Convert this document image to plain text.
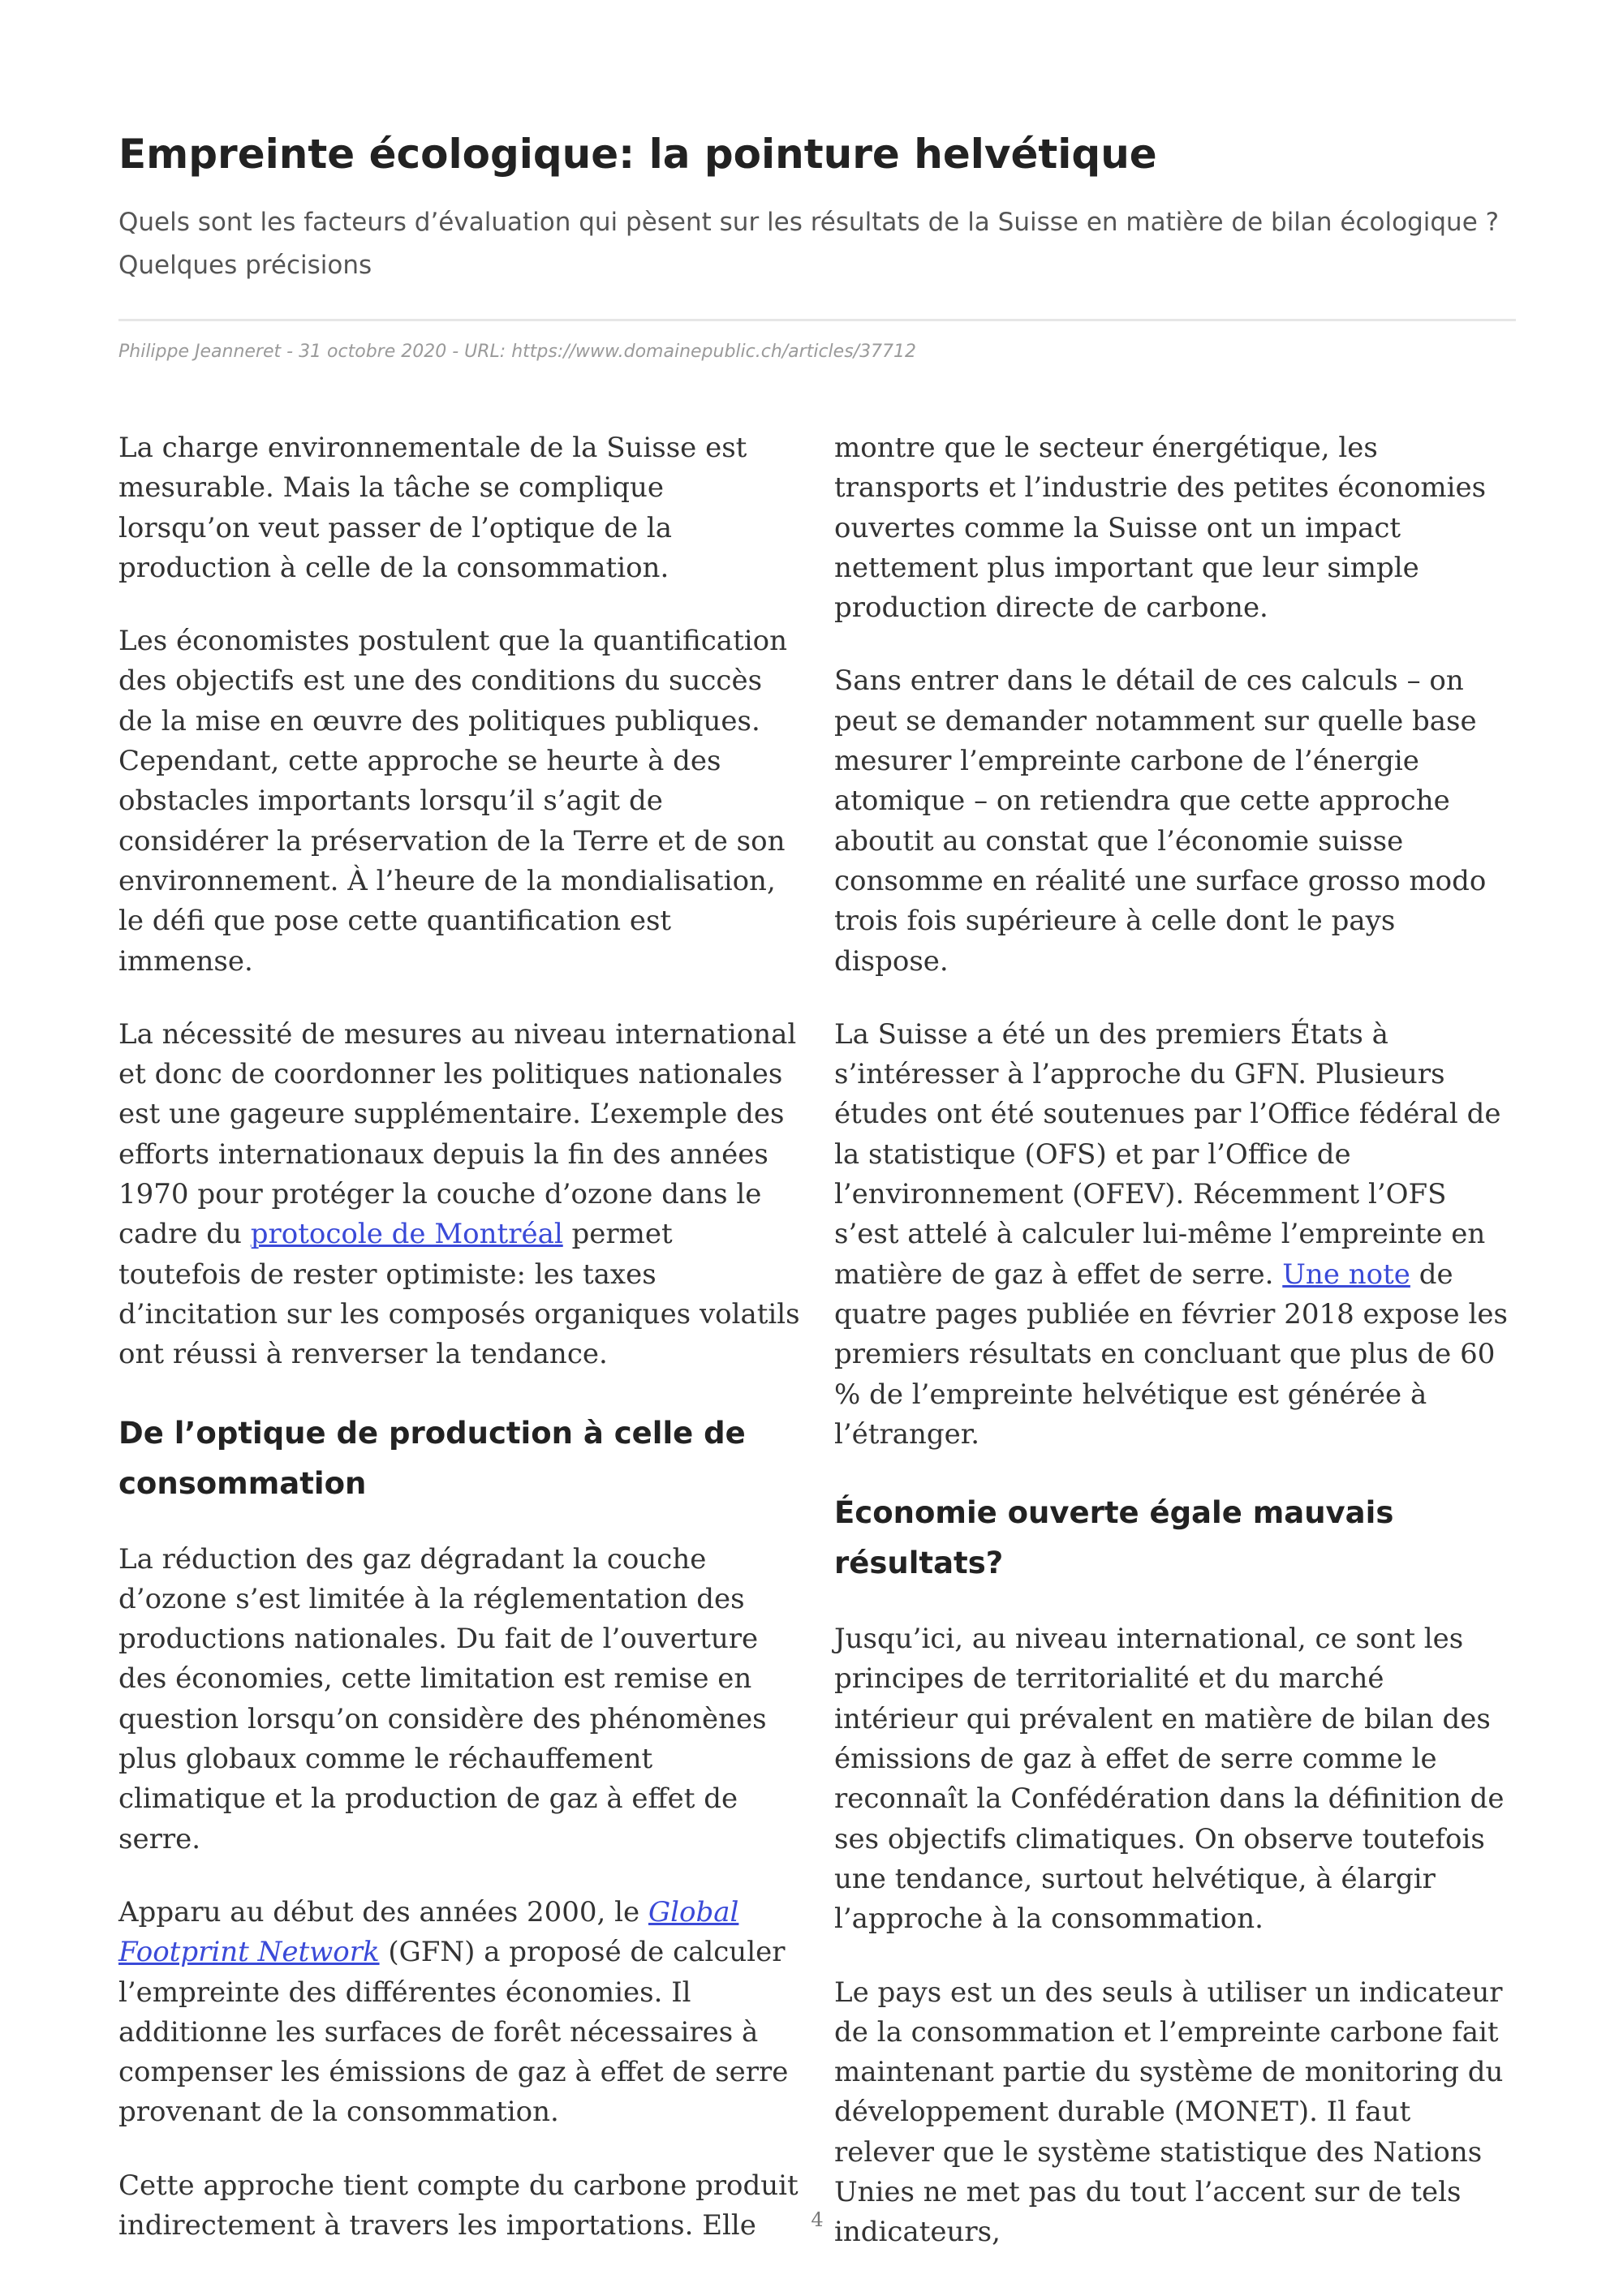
Empreinte écologique: la pointure helvétique

Quels sont les facteurs d’évaluation qui pèsent sur les résultats de la Suisse en matière de bilan écologique ? Quelques précisions

Philippe Jeanneret - 31 octobre 2020 - URL: https://www.domainepublic.ch/articles/37712

La charge environnementale de la Suisse est mesurable. Mais la tâche se complique lorsqu’on veut passer de l’optique de la production à celle de la consommation.

Les économistes postulent que la quantification des objectifs est une des conditions du succès de la mise en œuvre des politiques publiques. Cependant, cette approche se heurte à des obstacles importants lorsqu’il s’agit de considérer la préservation de la Terre et de son environnement. À l’heure de la mondialisation, le défi que pose cette quantification est immense.

La nécessité de mesures au niveau international et donc de coordonner les politiques nationales est une gageure supplémentaire. L’exemple des efforts internationaux depuis la fin des années 1970 pour protéger la couche d’ozone dans le cadre du protocole de Montréal permet toutefois de rester optimiste: les taxes d’incitation sur les composés organiques volatils ont réussi à renverser la tendance.

De l’optique de production à celle de consommation

La réduction des gaz dégradant la couche d’ozone s’est limitée à la réglementation des productions nationales. Du fait de l’ouverture des économies, cette limitation est remise en question lorsqu’on considère des phénomènes plus globaux comme le réchauffement climatique et la production de gaz à effet de serre.

Apparu au début des années 2000, le Global Footprint Network (GFN) a proposé de calculer l’empreinte des différentes économies. Il additionne les surfaces de forêt nécessaires à compenser les émissions de gaz à effet de serre provenant de la consommation.

Cette approche tient compte du carbone produit indirectement à travers les importations. Elle

montre que le secteur énergétique, les transports et l’industrie des petites économies ouvertes comme la Suisse ont un impact nettement plus important que leur simple production directe de carbone.

Sans entrer dans le détail de ces calculs – on peut se demander notamment sur quelle base mesurer l’empreinte carbone de l’énergie atomique – on retiendra que cette approche aboutit au constat que l’économie suisse consomme en réalité une surface grosso modo trois fois supérieure à celle dont le pays dispose.

La Suisse a été un des premiers États à s’intéresser à l’approche du GFN. Plusieurs études ont été soutenues par l’Office fédéral de la statistique (OFS) et par l’Office de l’environnement (OFEV). Récemment l’OFS s’est attelé à calculer lui-même l’empreinte en matière de gaz à effet de serre. Une note de quatre pages publiée en février 2018 expose les premiers résultats en concluant que plus de 60 % de l’empreinte helvétique est générée à l’étranger.

Économie ouverte égale mauvais résultats?

Jusqu’ici, au niveau international, ce sont les principes de territorialité et du marché intérieur qui prévalent en matière de bilan des émissions de gaz à effet de serre comme le reconnaît la Confédération dans la définition de ses objectifs climatiques. On observe toutefois une tendance, surtout helvétique, à élargir l’approche à la consommation.

Le pays est un des seuls à utiliser un indicateur de la consommation et l’empreinte carbone fait maintenant partie du système de monitoring du développement durable (MONET). Il faut relever que le système statistique des Nations Unies ne met pas du tout l’accent sur de tels indicateurs,

4
